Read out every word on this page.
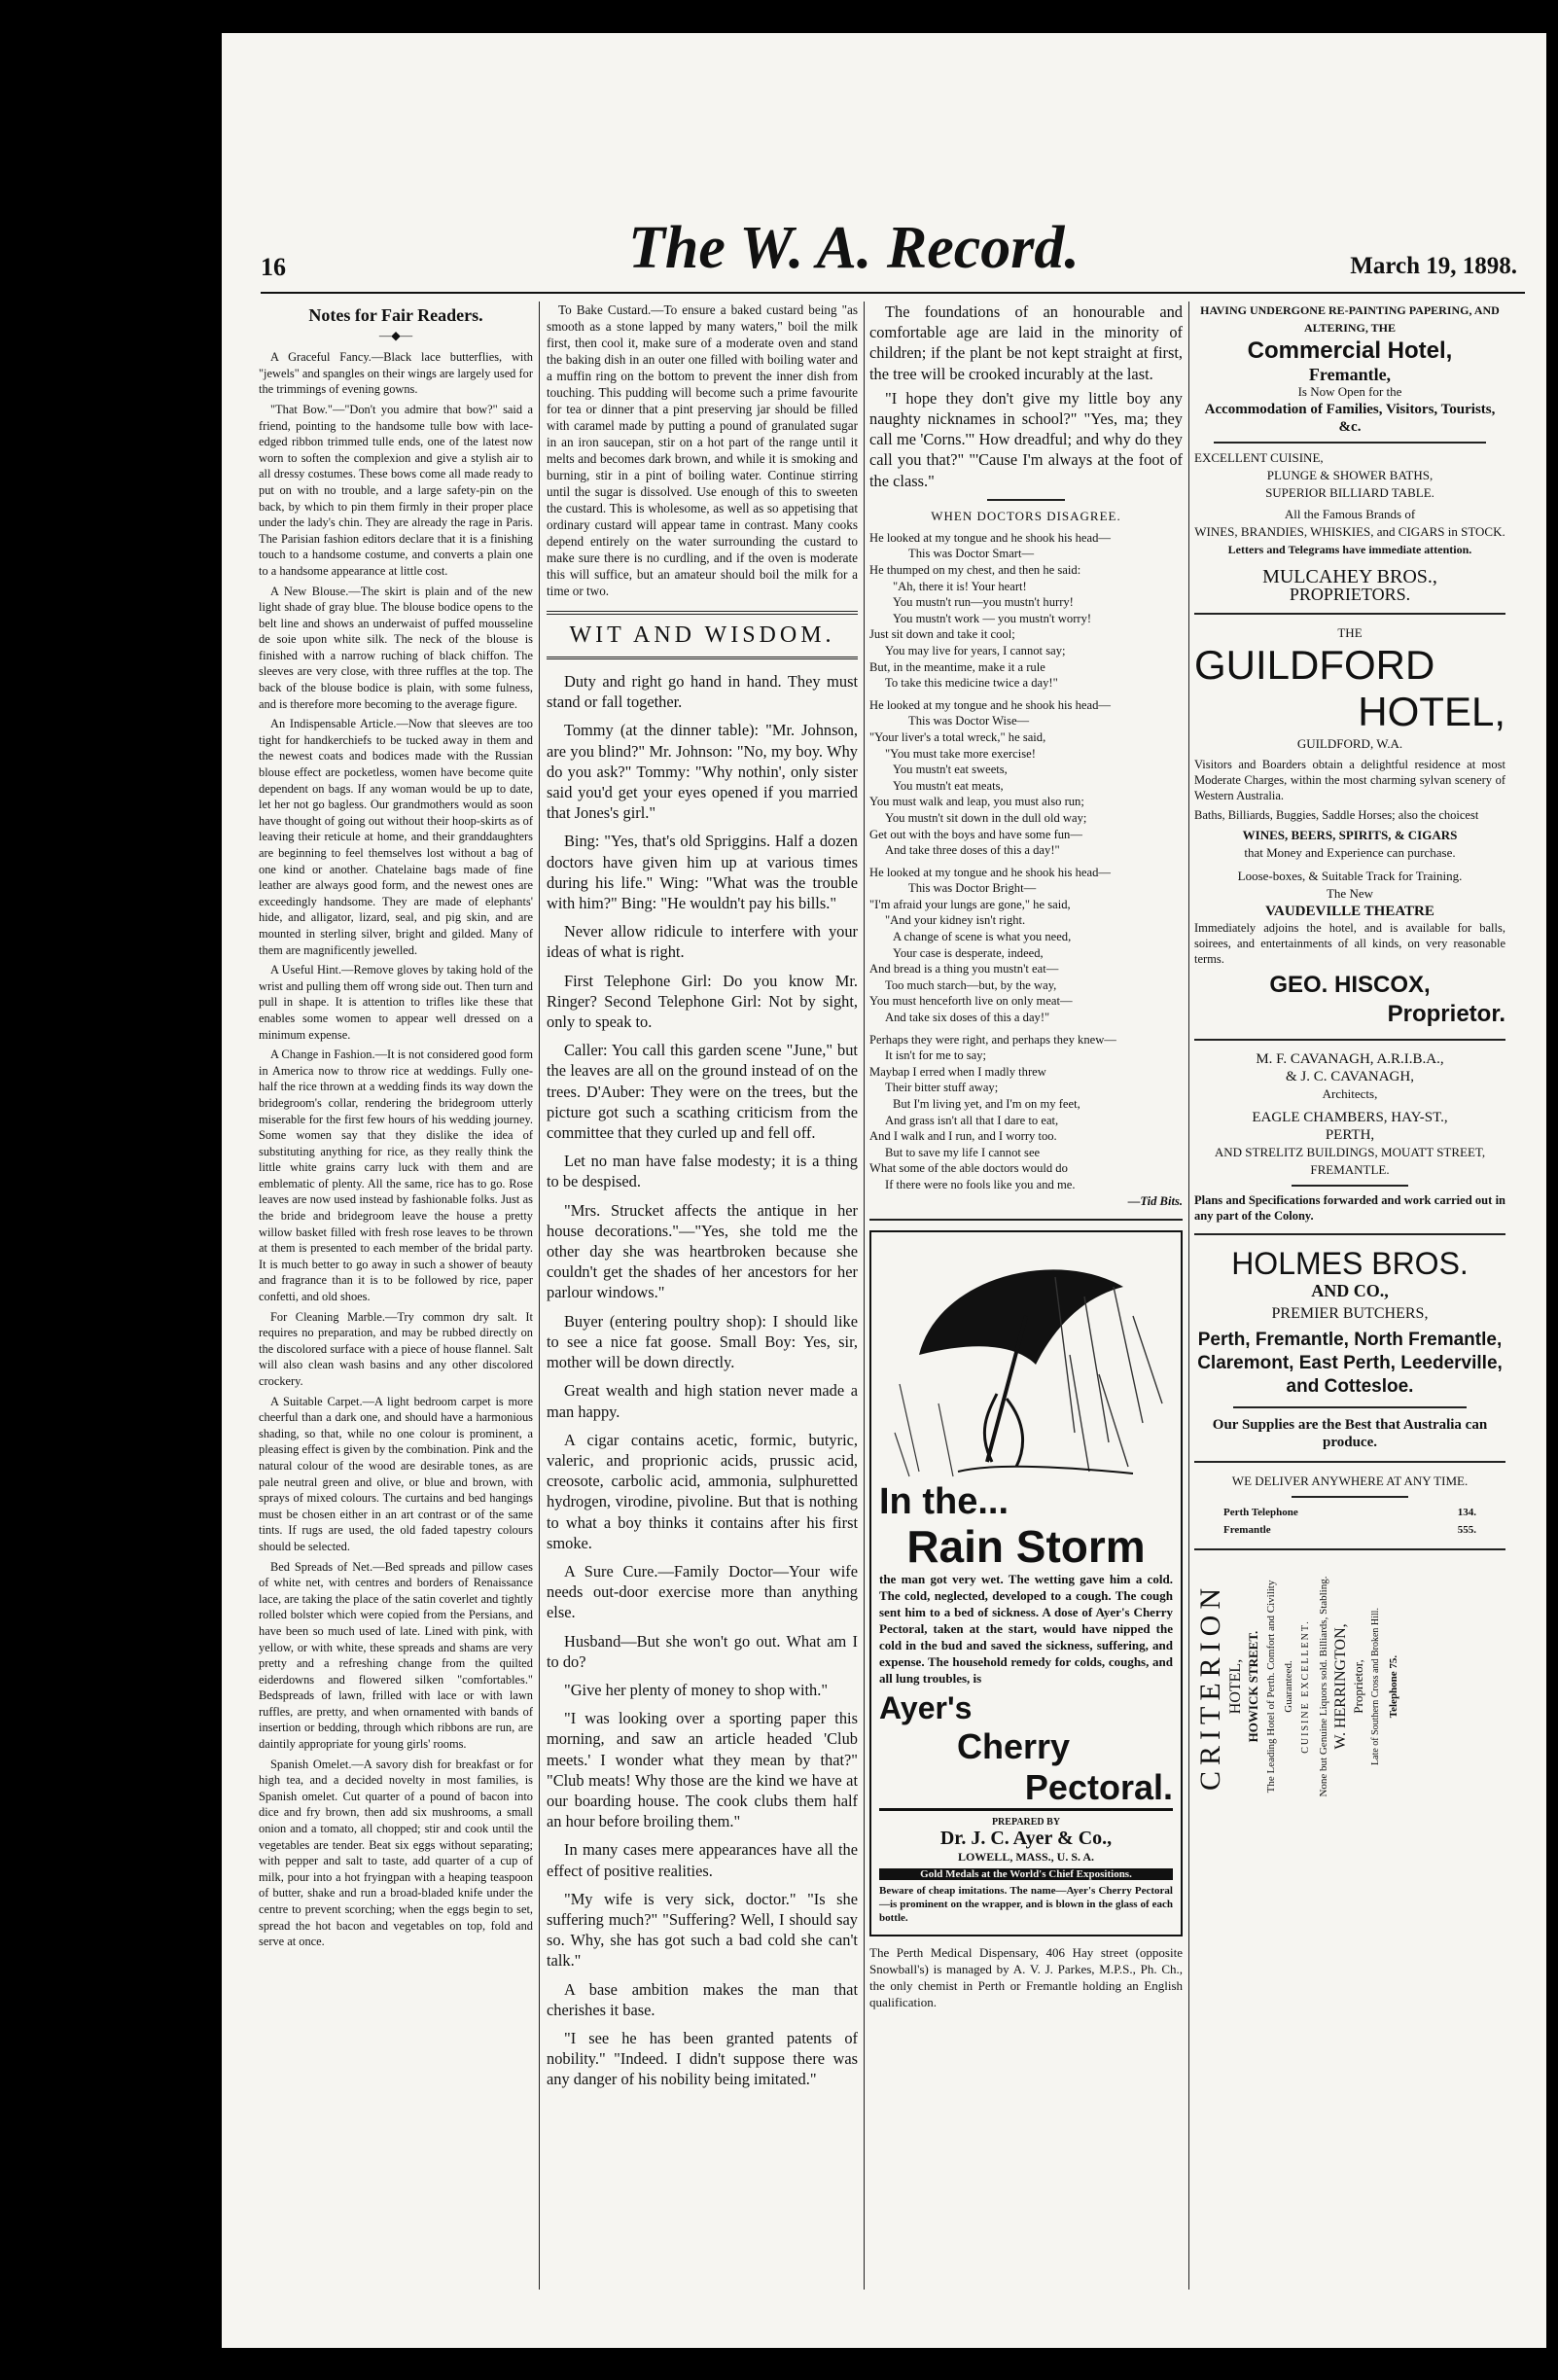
16	The W. A. Record.	March 19, 1898.
Notes for Fair Readers.
—◆—

A Graceful Fancy.—Black lace butterflies, with "jewels" and spangles on their wings are largely used for the trimmings of evening gowns.

"That Bow."—"Don't you admire that bow?" said a friend, pointing to the handsome tulle bow with lace-edged ribbon trimmed tulle ends, one of the latest now worn to soften the complexion and give a stylish air to all dressy costumes. These bows come all made ready to put on with no trouble, and a large safety-pin on the back, by which to pin them firmly in their proper place under the lady's chin. They are already the rage in Paris. The Parisian fashion editors declare that it is a finishing touch to a handsome costume, and converts a plain one to a handsome appearance at little cost.

A New Blouse.—The skirt is plain and of the new light shade of gray blue. The blouse bodice opens to the belt line and shows an underwaist of puffed mousseline de soie upon white silk. The neck of the blouse is finished with a narrow ruching of black chiffon. The sleeves are very close, with three ruffles at the top. The back of the blouse bodice is plain, with some fulness, and is therefore more becoming to the average figure.

An Indispensable Article.—Now that sleeves are too tight for handkerchiefs to be tucked away in them and the newest coats and bodices made with the Russian blouse effect are pocketless, women have become quite dependent on bags. If any woman would be up to date, let her not go bagless. Our grandmothers would as soon have thought of going out without their hoop-skirts as of leaving their reticule at home, and their granddaughters are beginning to feel themselves lost without a bag of one kind or another. Chatelaine bags made of fine leather are always good form, and the newest ones are exceedingly handsome. They are made of elephants' hide, and alligator, lizard, seal, and pig skin, and are mounted in sterling silver, bright and gilded. Many of them are magnificently jewelled.

A Useful Hint.—Remove gloves by taking hold of the wrist and pulling them off wrong side out. Then turn and pull in shape. It is attention to trifles like these that enables some women to appear well dressed on a minimum expense.

A Change in Fashion.—It is not considered good form in America now to throw rice at weddings. Fully one-half the rice thrown at a wedding finds its way down the bridegroom's collar, rendering the bridegroom utterly miserable for the first few hours of his wedding journey. Some women say that they dislike the idea of substituting anything for rice, as they really think the little white grains carry luck with them and are emblematic of plenty. All the same, rice has to go. Rose leaves are now used instead by fashionable folks. Just as the bride and bridegroom leave the house a pretty willow basket filled with fresh rose leaves to be thrown at them is presented to each member of the bridal party. It is much better to go away in such a shower of beauty and fragrance than it is to be followed by rice, paper confetti, and old shoes.

For Cleaning Marble.—Try common dry salt. It requires no preparation, and may be rubbed directly on the discolored surface with a piece of house flannel. Salt will also clean wash basins and any other discolored crockery.

A Suitable Carpet.—A light bedroom carpet is more cheerful than a dark one, and should have a harmonious shading, so that, while no one colour is prominent, a pleasing effect is given by the combination. Pink and the natural colour of the wood are desirable tones, as are pale neutral green and olive, or blue and brown, with sprays of mixed colours. The curtains and bed hangings must be chosen either in an art contrast or of the same tints. If rugs are used, the old faded tapestry colours should be selected.

Bed Spreads of Net.—Bed spreads and pillow cases of white net, with centres and borders of Renaissance lace, are taking the place of the satin coverlet and tightly rolled bolster which were copied from the Persians, and have been so much used of late. Lined with pink, with yellow, or with white, these spreads and shams are very pretty and a refreshing change from the quilted eiderdowns and flowered silken "comfortables." Bedspreads of lawn, frilled with lace or with lawn ruffles, are pretty, and when ornamented with bands of insertion or bedding, through which ribbons are run, are daintily appropriate for young girls' rooms.

Spanish Omelet.—A savory dish for breakfast or for high tea, and a decided novelty in most families, is Spanish omelet. Cut quarter of a pound of bacon into dice and fry brown, then add six mushrooms, a small onion and a tomato, all chopped; stir and cook until the vegetables are tender. Beat six eggs without separating; with pepper and salt to taste, add quarter of a cup of milk, pour into a hot fryingpan with a heaping teaspoon of butter, shake and run a broad-bladed knife under the centre to prevent scorching; when the eggs begin to set, spread the hot bacon and vegetables on top, fold and serve at once.

To Bake Custard.—To ensure a baked custard being "as smooth as a stone lapped by many waters," boil the milk first, then cool it, make sure of a moderate oven and stand the baking dish in an outer one filled with boiling water and a muffin ring on the bottom to prevent the inner dish from touching. This pudding will become such a prime favourite for tea or dinner that a pint preserving jar should be filled with caramel made by putting a pound of granulated sugar in an iron saucepan, stir on a hot part of the range until it melts and becomes dark brown, and while it is smoking and burning, stir in a pint of boiling water. Continue stirring until the sugar is dissolved. Use enough of this to sweeten the custard. This is wholesome, as well as so appetising that ordinary custard will appear tame in contrast. Many cooks depend entirely on the water surrounding the custard to make sure there is no curdling, and if the oven is moderate this will suffice, but an amateur should boil the milk for a time or two.

WIT AND WISDOM.

Duty and right go hand in hand. They must stand or fall together.

Tommy (at the dinner table): "Mr. Johnson, are you blind?" Mr. Johnson: "No, my boy. Why do you ask?" Tommy: "Why nothin', only sister said you'd get your eyes opened if you married that Jones's girl."

Bing: "Yes, that's old Spriggins. Half a dozen doctors have given him up at various times during his life." Wing: "What was the trouble with him?" Bing: "He wouldn't pay his bills."

Never allow ridicule to interfere with your ideas of what is right.

First Telephone Girl: Do you know Mr. Ringer? Second Telephone Girl: Not by sight, only to speak to.

Caller: You call this garden scene "June," but the leaves are all on the ground instead of on the trees. D'Auber: They were on the trees, but the picture got such a scathing criticism from the committee that they curled up and fell off.

Let no man have false modesty; it is a thing to be despised.

"Mrs. Strucket affects the antique in her house decorations."—"Yes, she told me the other day she was heartbroken because she couldn't get the shades of her ancestors for her parlour windows."

Buyer (entering poultry shop): I should like to see a nice fat goose. Small Boy: Yes, sir, mother will be down directly.

Great wealth and high station never made a man happy.

A cigar contains acetic, formic, butyric, valeric, and proprionic acids, prussic acid, creosote, carbolic acid, ammonia, sulphuretted hydrogen, virodine, pivoline. But that is nothing to what a boy thinks it contains after his first smoke.

A Sure Cure.—Family Doctor—Your wife needs out-door exercise more than anything else.

Husband—But she won't go out. What am I to do?

"Give her plenty of money to shop with."

"I was looking over a sporting paper this morning, and saw an article headed 'Club meets.' I wonder what they mean by that?" "Club meats! Why those are the kind we have at our boarding house. The cook clubs them half an hour before broiling them."

In many cases mere appearances have all the effect of positive realities.

"My wife is very sick, doctor." "Is she suffering much?" "Suffering? Well, I should say so. Why, she has got such a bad cold she can't talk."

A base ambition makes the man that cherishes it base.

"I see he has been granted patents of nobility." "Indeed. I didn't suppose there was any danger of his nobility being imitated."

The foundations of an honourable and comfortable age are laid in the minority of children; if the plant be not kept straight at first, the tree will be crooked incurably at the last.

"I hope they don't give my little boy any naughty nicknames in school?" "Yes, ma; they call me 'Corns.'" How dreadful; and why do they call you that?" "'Cause I'm always at the foot of the class."

WHEN DOCTORS DISAGREE.

He looked at my tongue and he shook his head—

This was Doctor Smart—

He thumped on my chest, and then he said:

"Ah, there it is! Your heart!

You mustn't run—you mustn't hurry!

You mustn't work — you mustn't worry!

Just sit down and take it cool;

You may live for years, I cannot say;

But, in the meantime, make it a rule

To take this medicine twice a day!"

He looked at my tongue and he shook his head—

This was Doctor Wise—

"Your liver's a total wreck," he said,

"You must take more exercise!

You mustn't eat sweets,

You mustn't eat meats,

You must walk and leap, you must also run;

You mustn't sit down in the dull old way;

Get out with the boys and have some fun—

And take three doses of this a day!"

He looked at my tongue and he shook his head—

This was Doctor Bright—

"I'm afraid your lungs are gone," he said,

"And your kidney isn't right.

A change of scene is what you need,

Your case is desperate, indeed,

And bread is a thing you mustn't eat—

Too much starch—but, by the way,

You must henceforth live on only meat—

And take six doses of this a day!"

Perhaps they were right, and perhaps they knew—

It isn't for me to say;

Maybap I erred when I madly threw

Their bitter stuff away;

But I'm living yet, and I'm on my feet,

And grass isn't all that I dare to eat,

And I walk and I run, and I worry too.

But to save my life I cannot see

What some of the able doctors would do

If there were no fools like you and me.

—Tid Bits.

In the...
Rain Storm

the man got very wet. The wetting gave him a cold. The cold, neglected, developed to a cough. The cough sent him to a bed of sickness. A dose of Ayer's Cherry Pectoral, taken at the start, would have nipped the cold in the bud and saved the sickness, suffering, and expense. The household remedy for colds, coughs, and all lung troubles, is

Ayer's
Cherry
Pectoral.
PREPARED BY
Dr. J. C. Ayer & Co.,
LOWELL, MASS., U. S. A.
Gold Medals at the World's Chief Expositions.

Beware of cheap imitations. The name—Ayer's Cherry Pectoral—is prominent on the wrapper, and is blown in the glass of each bottle.

The Perth Medical Dispensary, 406 Hay street (opposite Snowball's) is managed by A. V. J. Parkes, M.P.S., Ph. Ch., the only chemist in Perth or Fremantle holding an English qualification.

HAVING UNDERGONE RE-PAINTING PAPERING, AND ALTERING, THE
Commercial Hotel,
Fremantle,
Is Now Open for the
Accommodation of Families, Visitors, Tourists, &c.
EXCELLENT CUISINE,
PLUNGE & SHOWER BATHS,
SUPERIOR BILLIARD TABLE.
All the Famous Brands of
WINES, BRANDIES, WHISKIES, and CIGARS in STOCK.
Letters and Telegrams have immediate attention.
MULCAHEY BROS.,
PROPRIETORS.
THE
GUILDFORD
HOTEL,
GUILDFORD, W.A.

Visitors and Boarders obtain a delightful residence at most Moderate Charges, within the most charming sylvan scenery of Western Australia.

Baths, Billiards, Buggies, Saddle Horses; also the choicest

WINES, BEERS, SPIRITS, & CIGARS
that Money and Experience can purchase.
Loose-boxes, & Suitable Track for Training.
The New
VAUDEVILLE THEATRE

Immediately adjoins the hotel, and is available for balls, soirees, and entertainments of all kinds, on very reasonable terms.

GEO. HISCOX,
Proprietor.
M. F. CAVANAGH, A.R.I.B.A.,
& J. C. CAVANAGH,
Architects,
EAGLE CHAMBERS, HAY-ST.,
PERTH,
AND STRELITZ BUILDINGS, MOUATT STREET, FREMANTLE.

Plans and Specifications forwarded and work carried out in any part of the Colony.

HOLMES BROS.
AND CO.,
PREMIER BUTCHERS,
Perth, Fremantle, North Fremantle, Claremont, East Perth, Leederville, and Cottesloe.
Our Supplies are the Best that Australia can produce.
WE DELIVER ANYWHERE AT ANY TIME.
Perth Telephone	134.
Fremantle	555.
CRITERION HOTEL, HOWICK STREET. The Leading Hotel of Perth. Comfort and Civility Guaranteed. CUISINE EXCELLENT. None but Genuine Liquors sold. Billiards, Stabling. W. HERRINGTON, Proprietor, Late of Southern Cross and Broken Hill. Telephone 75.
